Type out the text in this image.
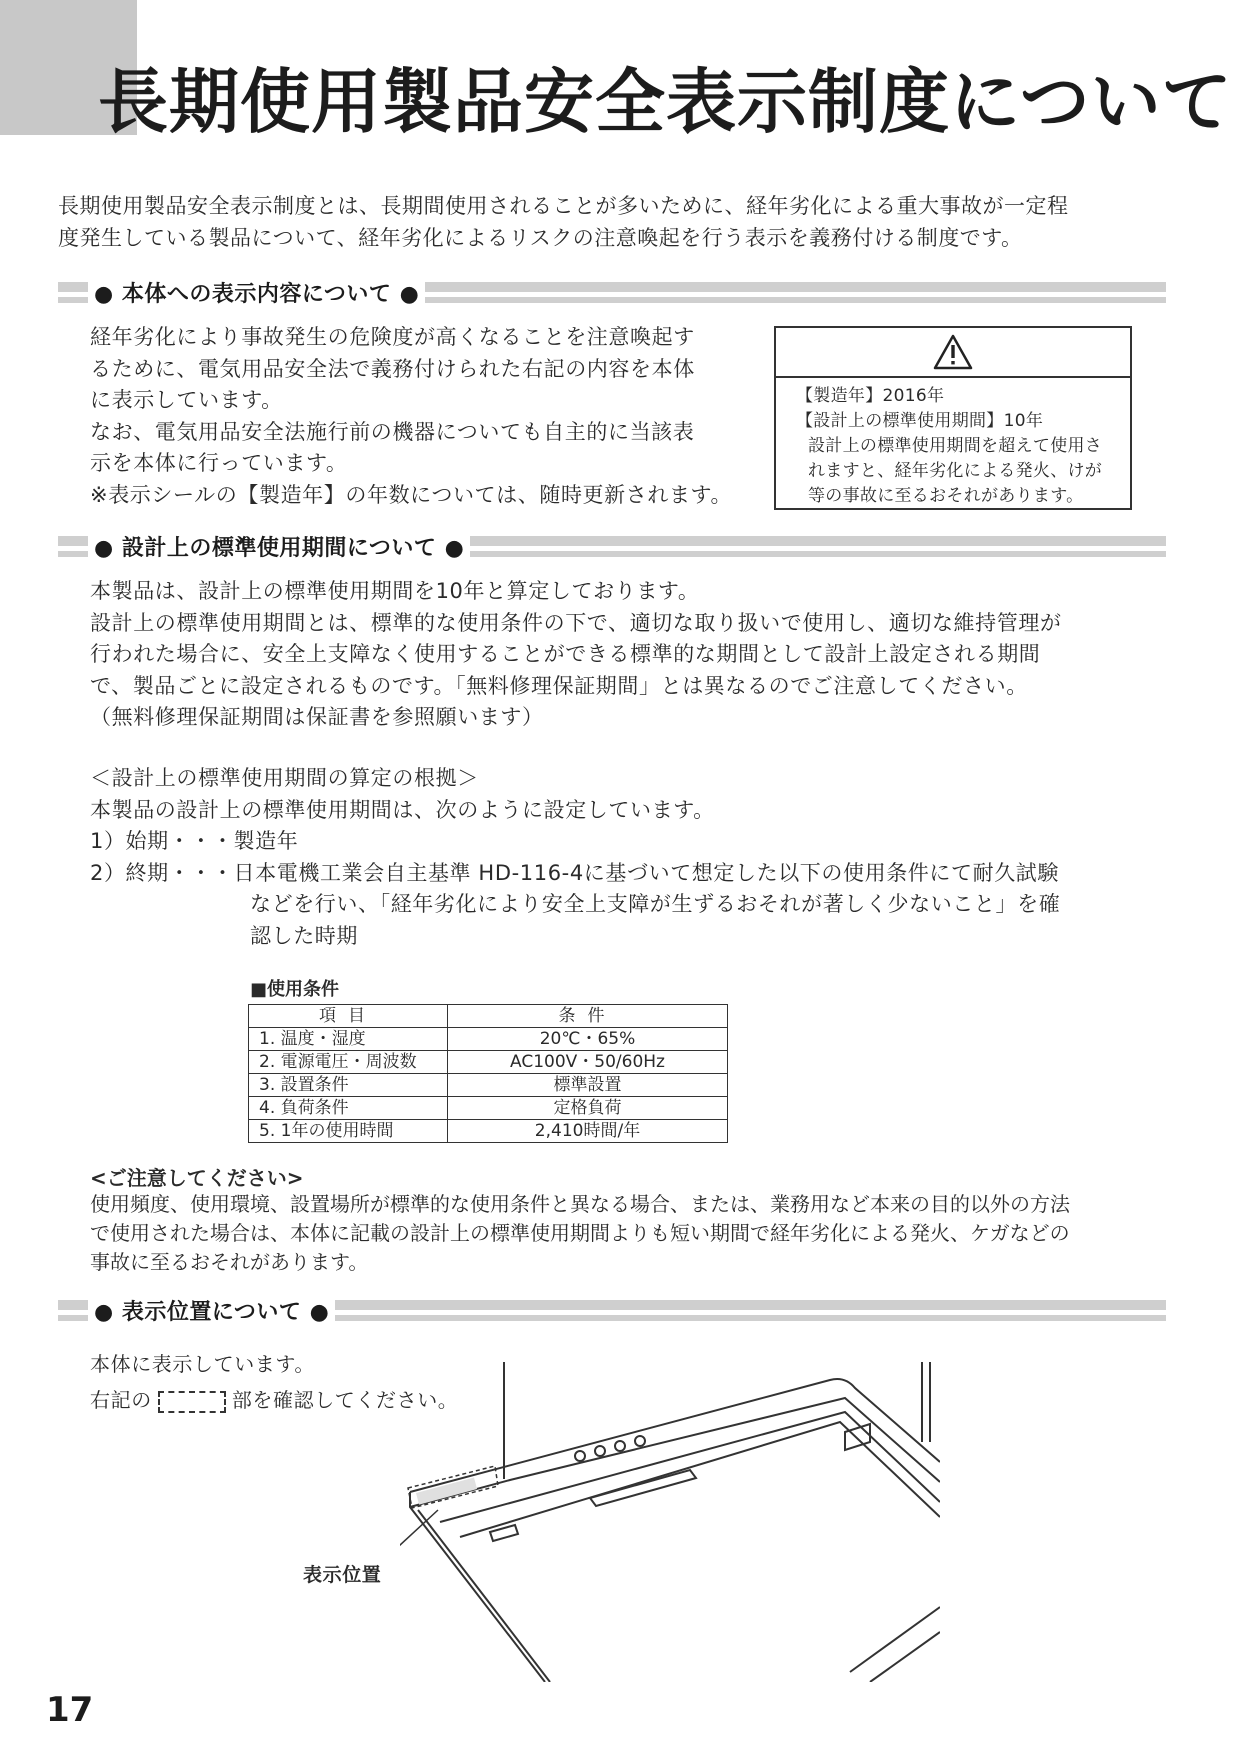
長期使用製品安全表示制度について
長期使用製品安全表示制度とは、長期間使用されることが多いために、経年劣化による重大事故が一定程
度発生している製品について、経年劣化によるリスクの注意喚起を行う表示を義務付ける制度です。
● 本体への表示内容について ●
経年劣化により事故発生の危険度が高くなることを注意喚起す
るために、電気用品安全法で義務付けられた右記の内容を本体
に表示しています。
なお、電気用品安全法施行前の機器についても自主的に当該表
示を本体に行っています。
※表示シールの【製造年】の年数については、随時更新されます。

【製造年】2016年

【設計上の標準使用期間】10年

設計上の標準使用期間を超えて使用さ

れますと、経年劣化による発火、けが

等の事故に至るおそれがあります。

● 設計上の標準使用期間について ●
本製品は、設計上の標準使用期間を10年と算定しております。
設計上の標準使用期間とは、標準的な使用条件の下で、適切な取り扱いで使用し、適切な維持管理が
行われた場合に、安全上支障なく使用することができる標準的な期間として設計上設定される期間
で、製品ごとに設定されるものです。「無料修理保証期間」とは異なるのでご注意してください。
（無料修理保証期間は保証書を参照願います）
＜設計上の標準使用期間の算定の根拠＞
本製品の設計上の標準使用期間は、次のように設定しています。
1）始期・・・製造年
2）終期・・・日本電機工業会自主基準 HD-116-4に基づいて想定した以下の使用条件にて耐久試験
などを行い、「経年劣化により安全上支障が生ずるおそれが著しく少ないこと」を確
認した時期

■使用条件

項目	条件
1. 温度・湿度	20℃・65%
2. 電源電圧・周波数	AC100V・50/60Hz
3. 設置条件	標準設置
4. 負荷条件	定格負荷
5. 1年の使用時間	2,410時間/年

<ご注意してください>

使用頻度、使用環境、設置場所が標準的な使用条件と異なる場合、または、業務用など本来の目的以外の方法
で使用された場合は、本体に記載の設計上の標準使用期間よりも短い期間で経年劣化による発火、ケガなどの
事故に至るおそれがあります。
● 表示位置について ●
本体に表示しています。
右記の	部を確認してください。
表示位置

17
